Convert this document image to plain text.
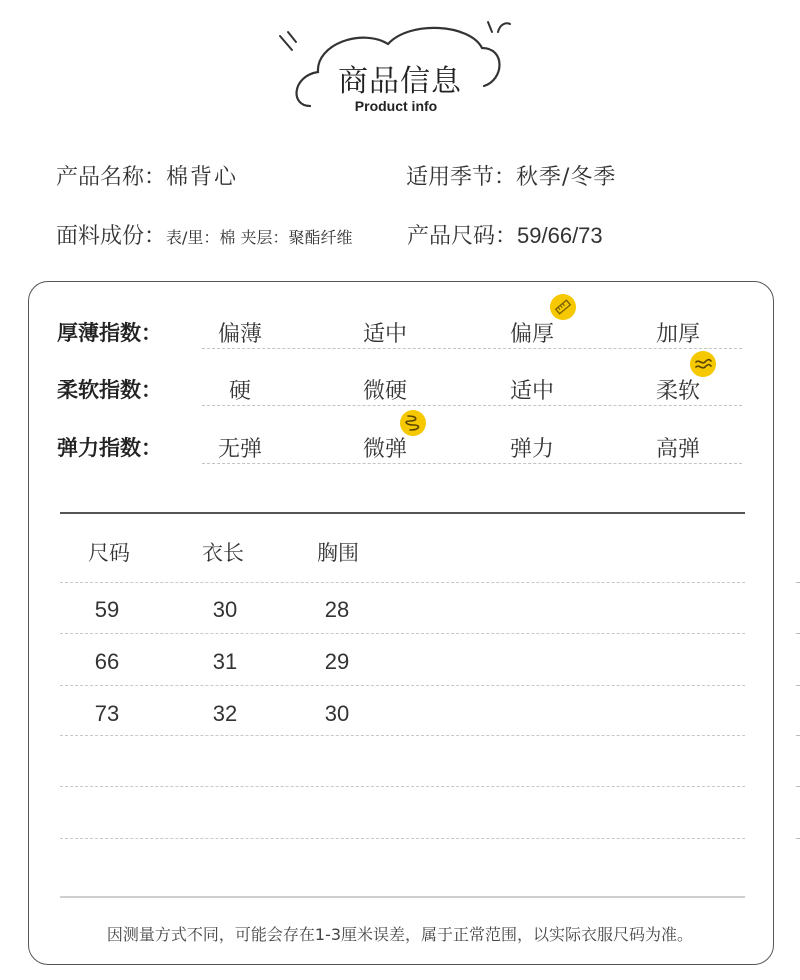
商品信息
Product info
产品名称：棉背心	适用季节：秋季/冬季
面料成份：表/里：棉 夹层：聚酯纤维 产品尺码：59/66/73
厚薄指数：	偏薄	适中	偏厚	加厚
柔软指数：	硬	微硬	适中	柔软
弹力指数：	无弹	微弹	弹力	高弹
尺码	衣长	胸围
59	30	28
66	31	29
73	32	30
因测量方式不同，可能会存在1-3厘米误差，属于正常范围，以实际衣服尺码为准。
